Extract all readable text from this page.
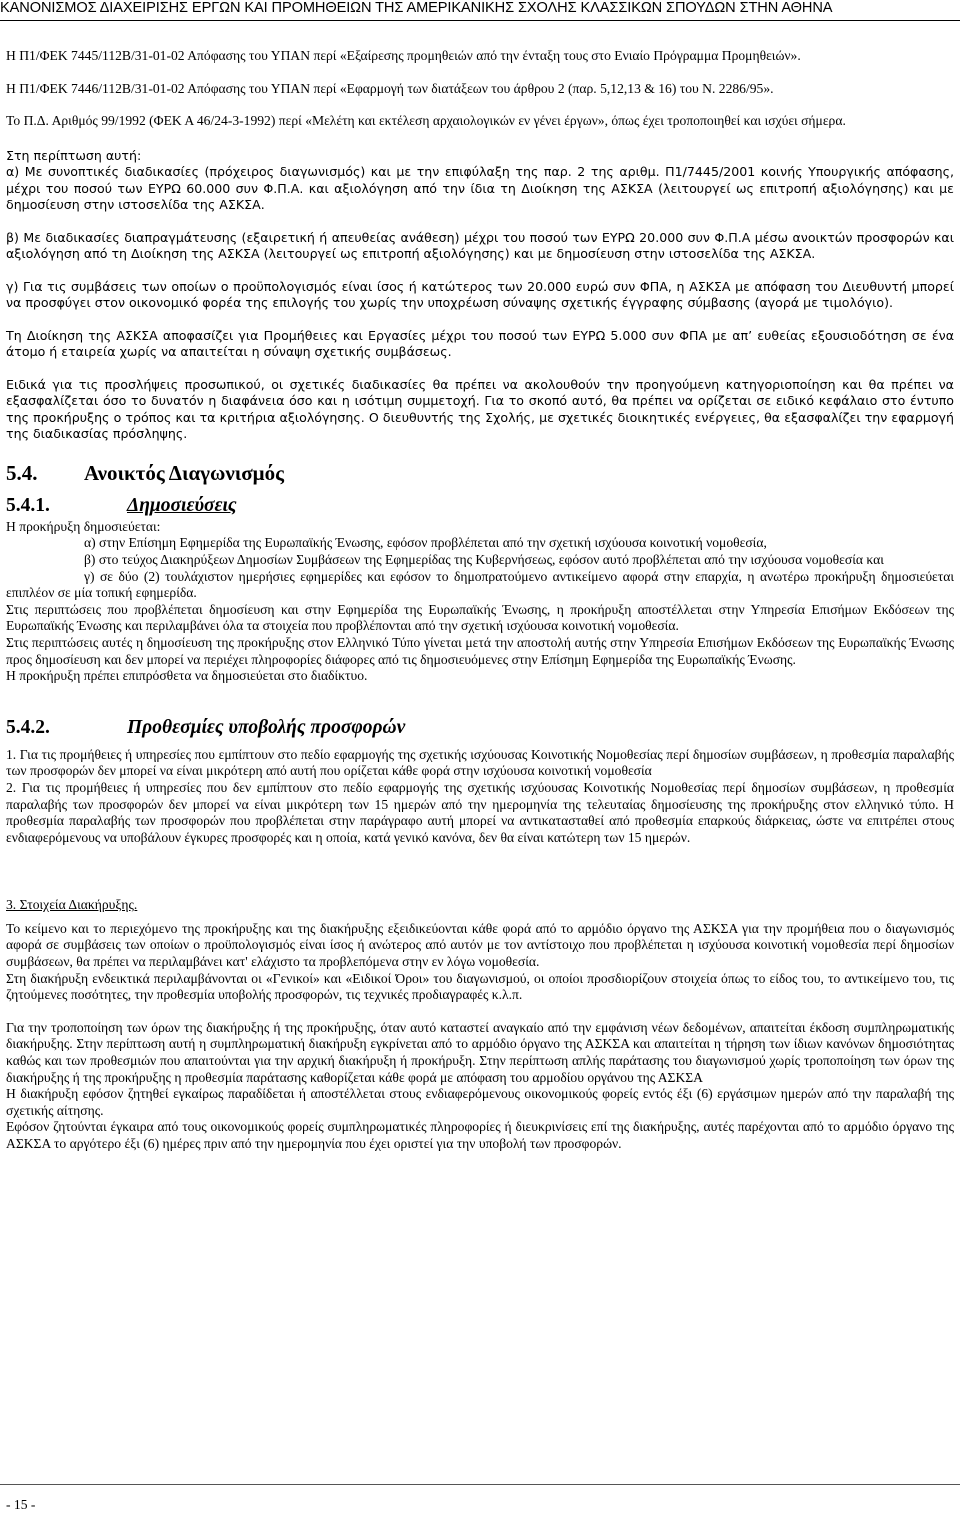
ΚΑΝΟΝΙΣΜΟΣ ΔΙΑΧΕΙΡΙΣΗΣ ΕΡΓΩΝ ΚΑΙ ΠΡΟΜΗΘΕΙΩΝ ΤΗΣ ΑΜΕΡΙΚΑΝΙΚΗΣ ΣΧΟΛΗΣ ΚΛΑΣΣΙΚΩΝ ΣΠΟΥΔΩΝ ΣΤΗΝ ΑΘΗΝΑ

Η Π1/ΦΕΚ 7445/112Β/31-01-02 Απόφασης του ΥΠΑΝ περί «Εξαίρεσης προμηθειών από την ένταξη τους στο Ενιαίο Πρόγραμμα Προμηθειών».

Η Π1/ΦΕΚ 7446/112Β/31-01-02 Απόφασης του ΥΠΑΝ περί «Εφαρμογή των διατάξεων του άρθρου 2 (παρ. 5,12,13 & 16) του Ν. 2286/95».

Το Π.Δ. Αριθμός 99/1992 (ΦΕΚ Α 46/24-3-1992) περί «Μελέτη και εκτέλεση αρχαιολογικών εν γένει έργων», όπως έχει τροποποιηθεί και ισχύει σήμερα.

Στη περίπτωση αυτή:

α) Με συνοπτικές διαδικασίες (πρόχειρος διαγωνισμός) και με την επιφύλαξη της παρ. 2 της αριθμ. Π1/7445/2001 κοινής Υπουργικής απόφασης, μέχρι του ποσού των ΕΥΡΩ 60.000 συν Φ.Π.Α. και αξιολόγηση από την ίδια τη Διοίκηση της ΑΣΚΣΑ (λειτουργεί ως επιτροπή αξιολόγησης) και με δημοσίευση στην ιστοσελίδα της ΑΣΚΣΑ.

β) Με διαδικασίες διαπραγμάτευσης (εξαιρετική ή απευθείας ανάθεση) μέχρι του ποσού των ΕΥΡΩ 20.000 συν Φ.Π.Α μέσω ανοικτών προσφορών και αξιολόγηση από τη Διοίκηση της ΑΣΚΣΑ (λειτουργεί ως επιτροπή αξιολόγησης) και με δημοσίευση στην ιστοσελίδα της ΑΣΚΣΑ.

γ) Για τις συμβάσεις των οποίων ο προϋπολογισμός είναι ίσος ή κατώτερος των 20.000 ευρώ συν ΦΠΑ, η ΑΣΚΣΑ με απόφαση του Διευθυντή μπορεί να προσφύγει στον οικονομικό φορέα της επιλογής του χωρίς την υποχρέωση σύναψης σχετικής έγγραφης σύμβασης (αγορά με τιμολόγιο).

Τη Διοίκηση της ΑΣΚΣΑ αποφασίζει για Προμήθειες και Εργασίες μέχρι του ποσού των ΕΥΡΩ 5.000 συν ΦΠΑ με απ’ ευθείας εξουσιοδότηση σε ένα άτομο ή εταιρεία χωρίς να απαιτείται η σύναψη σχετικής συμβάσεως.

Ειδικά για τις προσλήψεις προσωπικού, οι σχετικές διαδικασίες θα πρέπει να ακολουθούν την προηγούμενη κατηγοριοποίηση και θα πρέπει να εξασφαλίζεται όσο το δυνατόν η διαφάνεια όσο και η ισότιμη συμμετοχή. Για το σκοπό αυτό, θα πρέπει να ορίζεται σε ειδικό κεφάλαιο στο έντυπο της προκήρυξης ο τρόπος και τα κριτήρια αξιολόγησης. Ο διευθυντής της Σχολής, με σχετικές διοικητικές ενέργειες, θα εξασφαλίζει την εφαρμογή της διαδικασίας πρόσληψης.

5.4. Ανοικτός Διαγωνισμός

5.4.1.	Δημοσιεύσεις

Η προκήρυξη δημοσιεύεται:

α) στην Επίσημη Εφημερίδα της Ευρωπαϊκής Ένωσης, εφόσον προβλέπεται από την σχετική ισχύουσα κοινοτική νομοθεσία,

β) στο τεύχος Διακηρύξεων Δημοσίων Συμβάσεων της Εφημερίδας της Κυβερνήσεως, εφόσον αυτό προβλέπεται από την ισχύουσα νομοθεσία και

γ) σε δύο (2) τουλάχιστον ημερήσιες εφημερίδες και εφόσον το δημοπρατούμενο αντικείμενο αφορά στην επαρχία, η ανωτέρω προκήρυξη δημοσιεύεται επιπλέον σε μία τοπική εφημερίδα.

Στις περιπτώσεις που προβλέπεται δημοσίευση και στην Εφημερίδα της Ευρωπαϊκής Ένωσης, η προκήρυξη αποστέλλεται στην Υπηρεσία Επισήμων Εκδόσεων της Ευρωπαϊκής Ένωσης και περιλαμβάνει όλα τα στοιχεία που προβλέπονται από την σχετική ισχύουσα κοινοτική νομοθεσία.

Στις περιπτώσεις αυτές η δημοσίευση της προκήρυξης στον Ελληνικό Τύπο γίνεται μετά την αποστολή αυτής στην Υπηρεσία Επισήμων Εκδόσεων της Ευρωπαϊκής Ένωσης προς δημοσίευση και δεν μπορεί να περιέχει πληροφορίες διάφορες από τις δημοσιευόμενες στην Επίσημη Εφημερίδα της Ευρωπαϊκής Ένωσης.

Η προκήρυξη πρέπει επιπρόσθετα να δημοσιεύεται στο διαδίκτυο.

5.4.2.	Προθεσμίες υποβολής προσφορών

1. Για τις προμήθειες ή υπηρεσίες που εμπίπτουν στο πεδίο εφαρμογής της σχετικής ισχύουσας Κοινοτικής Νομοθεσίας περί δημοσίων συμβάσεων, η προθεσμία παραλαβής των προσφορών δεν μπορεί να είναι μικρότερη από αυτή που ορίζεται κάθε φορά στην ισχύουσα κοινοτική νομοθεσία

2. Για τις προμήθειες ή υπηρεσίες που δεν εμπίπτουν στο πεδίο εφαρμογής της σχετικής ισχύουσας Κοινοτικής Νομοθεσίας περί δημοσίων συμβάσεων, η προθεσμία παραλαβής των προσφορών δεν μπορεί να είναι μικρότερη των 15 ημερών από την ημερομηνία της τελευταίας δημοσίευσης της προκήρυξης στον ελληνικό τύπο. Η προθεσμία παραλαβής των προσφορών που προβλέπεται στην παράγραφο αυτή μπορεί να αντικατασταθεί από προθεσμία επαρκούς διάρκειας, ώστε να επιτρέπει στους ενδιαφερόμενους να υποβάλουν έγκυρες προσφορές και η οποία, κατά γενικό κανόνα, δεν θα είναι κατώτερη των 15 ημερών.

3. Στοιχεία Διακήρυξης.

Το κείμενο και το περιεχόμενο της προκήρυξης και της διακήρυξης εξειδικεύονται κάθε φορά από το αρμόδιο όργανο της ΑΣΚΣΑ για την προμήθεια που ο διαγωνισμός αφορά σε συμβάσεις των οποίων ο προϋπολογισμός είναι ίσος ή ανώτερος από αυτόν με τον αντίστοιχο που προβλέπεται η ισχύουσα κοινοτική νομοθεσία περί δημοσίων συμβάσεων, θα πρέπει να περιλαμβάνει κατ' ελάχιστο τα προβλεπόμενα στην εν λόγω νομοθεσία.

Στη διακήρυξη ενδεικτικά περιλαμβάνονται οι «Γενικοί» και «Ειδικοί Όροι» του διαγωνισμού, οι οποίοι προσδιορίζουν στοιχεία όπως το είδος του, το αντικείμενο του, τις ζητούμενες ποσότητες, την προθεσμία υποβολής προσφορών, τις τεχνικές προδιαγραφές κ.λ.π.

Για την τροποποίηση των όρων της διακήρυξης ή της προκήρυξης, όταν αυτό καταστεί αναγκαίο από την εμφάνιση νέων δεδομένων, απαιτείται έκδοση συμπληρωματικής διακήρυξης. Στην περίπτωση αυτή η συμπληρωματική διακήρυξη εγκρίνεται από το αρμόδιο όργανο της ΑΣΚΣΑ και απαιτείται η τήρηση των ίδιων κανόνων δημοσιότητας καθώς και των προθεσμιών που απαιτούνται για την αρχική διακήρυξη ή προκήρυξη. Στην περίπτωση απλής παράτασης του διαγωνισμού χωρίς τροποποίηση των όρων της διακήρυξης ή της προκήρυξης η προθεσμία παράτασης καθορίζεται κάθε φορά με απόφαση του αρμοδίου οργάνου της ΑΣΚΣΑ

Η διακήρυξη εφόσον ζητηθεί εγκαίρως παραδίδεται ή αποστέλλεται στους ενδιαφερόμενους οικονομικούς φορείς εντός έξι (6) εργάσιμων ημερών από την παραλαβή της σχετικής αίτησης.

Εφόσον ζητούνται έγκαιρα από τους οικονομικούς φορείς συμπληρωματικές πληροφορίες ή διευκρινίσεις επί της διακήρυξης, αυτές παρέχονται από το αρμόδιο όργανο της ΑΣΚΣΑ το αργότερο έξι (6) ημέρες πριν από την ημερομηνία που έχει οριστεί για την υποβολή των προσφορών.

- 15 -
